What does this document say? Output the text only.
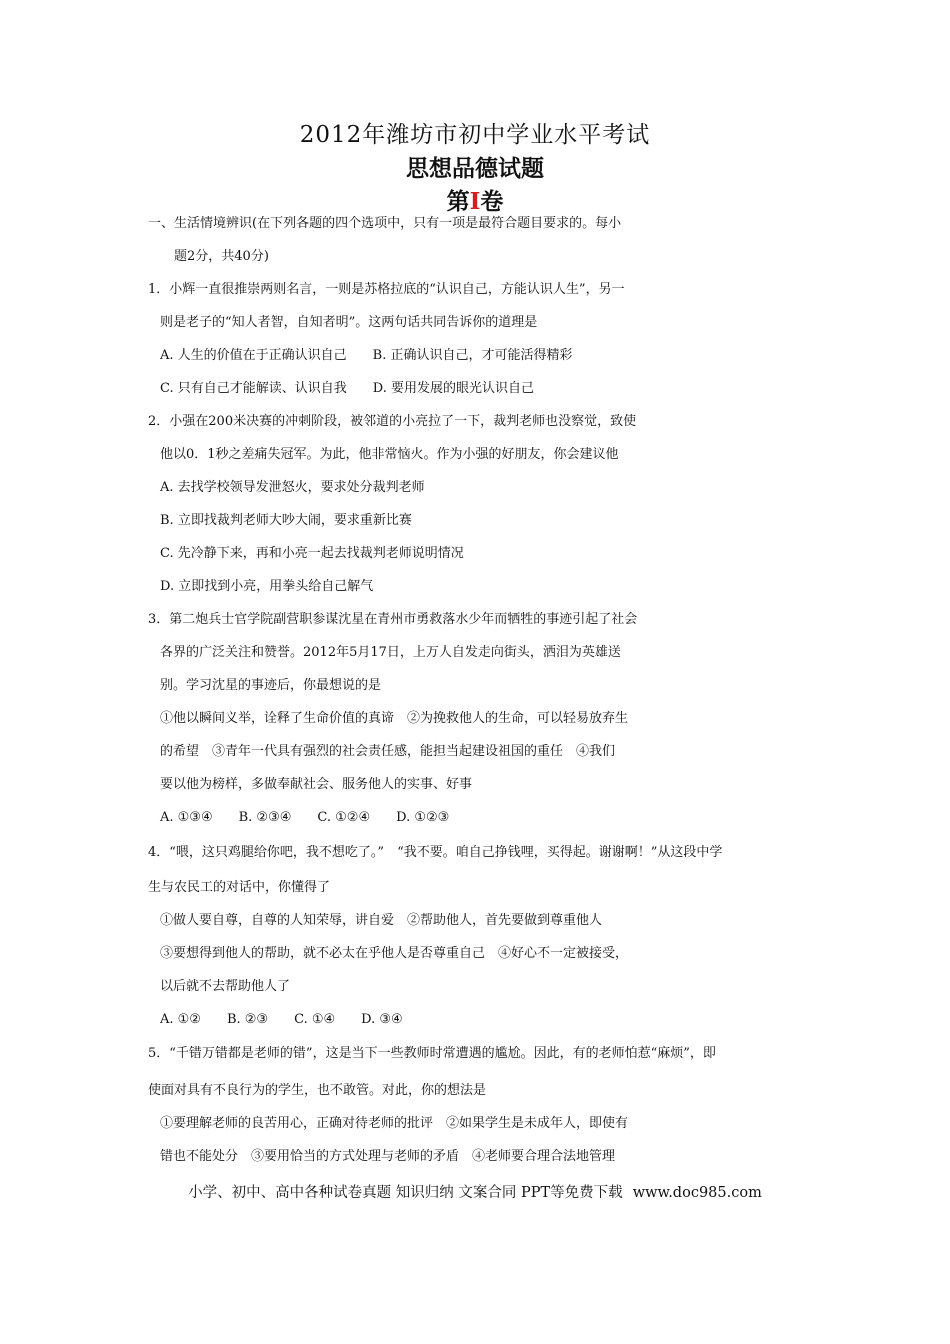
2012年潍坊市初中学业水平考试
思想品德试题
第I卷
一、生活情境辨识(在下列各题的四个选项中，只有一项是最符合题目要求的。每小
题2分，共40分)
1．小辉一直很推崇两则名言，一则是苏格拉底的“认识自己，方能认识人生”，另一
则是老子的“知人者智，自知者明”。这两句话共同告诉你的道理是
A. 人生的价值在于正确认识自己　　B. 正确认识自己，才可能活得精彩
C. 只有自己才能解读、认识自我　　D. 要用发展的眼光认识自己
2．小强在200米决赛的冲刺阶段，被邻道的小亮拉了一下，裁判老师也没察觉，致使
他以0．1秒之差痛失冠军。为此，他非常恼火。作为小强的好朋友，你会建议他
A. 去找学校领导发泄怒火，要求处分裁判老师
B. 立即找裁判老师大吵大闹，要求重新比赛
C. 先冷静下来，再和小亮一起去找裁判老师说明情况
D. 立即找到小亮，用拳头给自己解气
3．第二炮兵士官学院副营职参谋沈星在青州市勇救落水少年而牺牲的事迹引起了社会
各界的广泛关注和赞誉。2012年5月17日，上万人自发走向街头，洒泪为英雄送
别。学习沈星的事迹后，你最想说的是
①他以瞬间义举，诠释了生命价值的真谛　②为挽救他人的生命，可以轻易放弃生
的希望　③青年一代具有强烈的社会责任感，能担当起建设祖国的重任　④我们
要以他为榜样，多做奉献社会、服务他人的实事、好事
A. ①③④　　B. ②③④　　C. ①②④　　D. ①②③
4．“喂，这只鸡腿给你吧，我不想吃了。”　“我不要。咱自己挣钱哩，买得起。谢谢啊！”从这段中学
生与农民工的对话中，你懂得了
①做人要自尊，自尊的人知荣辱，讲自爱　②帮助他人，首先要做到尊重他人
③要想得到他人的帮助，就不必太在乎他人是否尊重自己　④好心不一定被接受，
以后就不去帮助他人了
A. ①②　　B. ②③　　C. ①④　　D. ③④
5．“千错万错都是老师的错”，这是当下一些教师时常遭遇的尴尬。因此，有的老师怕惹“麻烦”，即
使面对具有不良行为的学生，也不敢管。对此，你的想法是
①要理解老师的良苦用心，正确对待老师的批评　②如果学生是未成年人，即使有
错也不能处分　③要用恰当的方式处理与老师的矛盾　④老师要合理合法地管理
小学、初中、高中各种试卷真题 知识归纳 文案合同 PPT等免费下载 www.doc985.com
